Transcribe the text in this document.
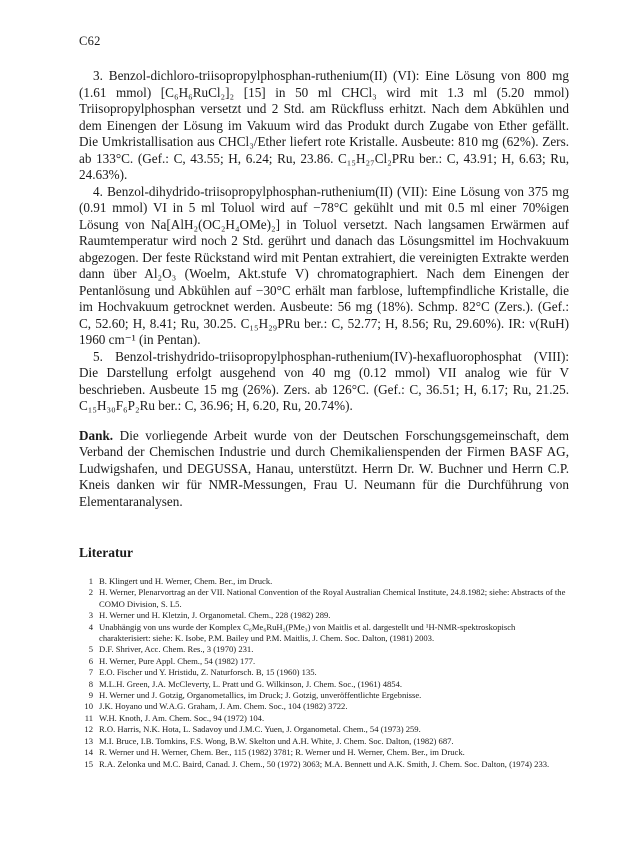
C62

3. Benzol-dichloro-triisopropylphosphan-ruthenium(II) (VI): Eine Lösung von 800 mg (1.61 mmol) [C₆H₆RuCl₂]₂ [15] in 50 ml CHCl₃ wird mit 1.3 ml (5.20 mmol) Triisopropylphosphan versetzt und 2 Std. am Rückfluss erhitzt. Nach dem Abkühlen und dem Einengen der Lösung im Vakuum wird das Produkt durch Zugabe von Ether gefällt. Die Umkristallisation aus CHCl₃/Ether liefert rote Kristalle. Ausbeute: 810 mg (62%). Zers. ab 133°C. (Gef.: C, 43.55; H, 6.24; Ru, 23.86. C₁₅H₂₇Cl₂PRu ber.: C, 43.91; H, 6.63; Ru, 24.63%).

4. Benzol-dihydrido-triisopropylphosphan-ruthenium(II) (VII): Eine Lösung von 375 mg (0.91 mmol) VI in 5 ml Toluol wird auf −78°C gekühlt und mit 0.5 ml einer 70%igen Lösung von Na[AlH₂(OC₂H₄OMe)₂] in Toluol versetzt. Nach langsamen Erwärmen auf Raumtemperatur wird noch 2 Std. gerührt und danach das Lösungsmittel im Hochvakuum abgezogen. Der feste Rückstand wird mit Pentan extrahiert, die vereinigten Extrakte werden dann über Al₂O₃ (Woelm, Akt.stufe V) chromatographiert. Nach dem Einengen der Pentanlösung und Abkühlen auf −30°C erhält man farblose, luftempfindliche Kristalle, die im Hochvakuum getrocknet werden. Ausbeute: 56 mg (18%). Schmp. 82°C (Zers.). (Gef.: C, 52.60; H, 8.41; Ru, 30.25. C₁₅H₂₉PRu ber.: C, 52.77; H, 8.56; Ru, 29.60%). IR: ν(RuH) 1960 cm⁻¹ (in Pentan).

5. Benzol-trishydrido-triisopropylphosphan-ruthenium(IV)-hexafluorophosphat (VIII): Die Darstellung erfolgt ausgehend von 40 mg (0.12 mmol) VII analog wie für V beschrieben. Ausbeute 15 mg (26%). Zers. ab 126°C. (Gef.: C, 36.51; H, 6.17; Ru, 21.25. C₁₅H₃₀F₆P₂Ru ber.: C, 36.96; H, 6.20, Ru, 20.74%).

Dank. Die vorliegende Arbeit wurde von der Deutschen Forschungsgemeinschaft, dem Verband der Chemischen Industrie und durch Chemikalienspenden der Firmen BASF AG, Ludwigshafen, und DEGUSSA, Hanau, unterstützt. Herrn Dr. W. Buchner und Herrn C.P. Kneis danken wir für NMR-Messungen, Frau U. Neumann für die Durchführung von Elementaranalysen.

Literatur
1 B. Klingert und H. Werner, Chem. Ber., im Druck.
2 H. Werner, Plenarvortrag an der VII. National Convention of the Royal Australian Chemical Institute, 24.8.1982; siehe: Abstracts of the COMO Division, S. L5.
3 H. Werner und H. Kletzin, J. Organometal. Chem., 228 (1982) 289.
4 Unabhängig von uns wurde der Komplex C₆Me₆RuH₂(PMe₃) von Maitlis et al. dargestellt und ¹H-NMR-spektroskopisch charakterisiert: siehe: K. Isobe, P.M. Bailey und P.M. Maitlis, J. Chem. Soc. Dalton, (1981) 2003.
5 D.F. Shriver, Acc. Chem. Res., 3 (1970) 231.
6 H. Werner, Pure Appl. Chem., 54 (1982) 177.
7 E.O. Fischer und Y. Hristidu, Z. Naturforsch. B, 15 (1960) 135.
8 M.L.H. Green, J.A. McCleverty, L. Pratt und G. Wilkinson, J. Chem. Soc., (1961) 4854.
9 H. Werner und J. Gotzig, Organometallics, im Druck; J. Gotzig, unveröffentlichte Ergebnisse.
10 J.K. Hoyano und W.A.G. Graham, J. Am. Chem. Soc., 104 (1982) 3722.
11 W.H. Knoth, J. Am. Chem. Soc., 94 (1972) 104.
12 R.O. Harris, N.K. Hota, L. Sadavoy und J.M.C. Yuen, J. Organometal. Chem., 54 (1973) 259.
13 M.I. Bruce, I.B. Tomkins, F.S. Wong, B.W. Skelton und A.H. White, J. Chem. Soc. Dalton, (1982) 687.
14 R. Werner und H. Werner, Chem. Ber., 115 (1982) 3781; R. Werner und H. Werner, Chem. Ber., im Druck.
15 R.A. Zelonka und M.C. Baird, Canad. J. Chem., 50 (1972) 3063; M.A. Bennett und A.K. Smith, J. Chem. Soc. Dalton, (1974) 233.
